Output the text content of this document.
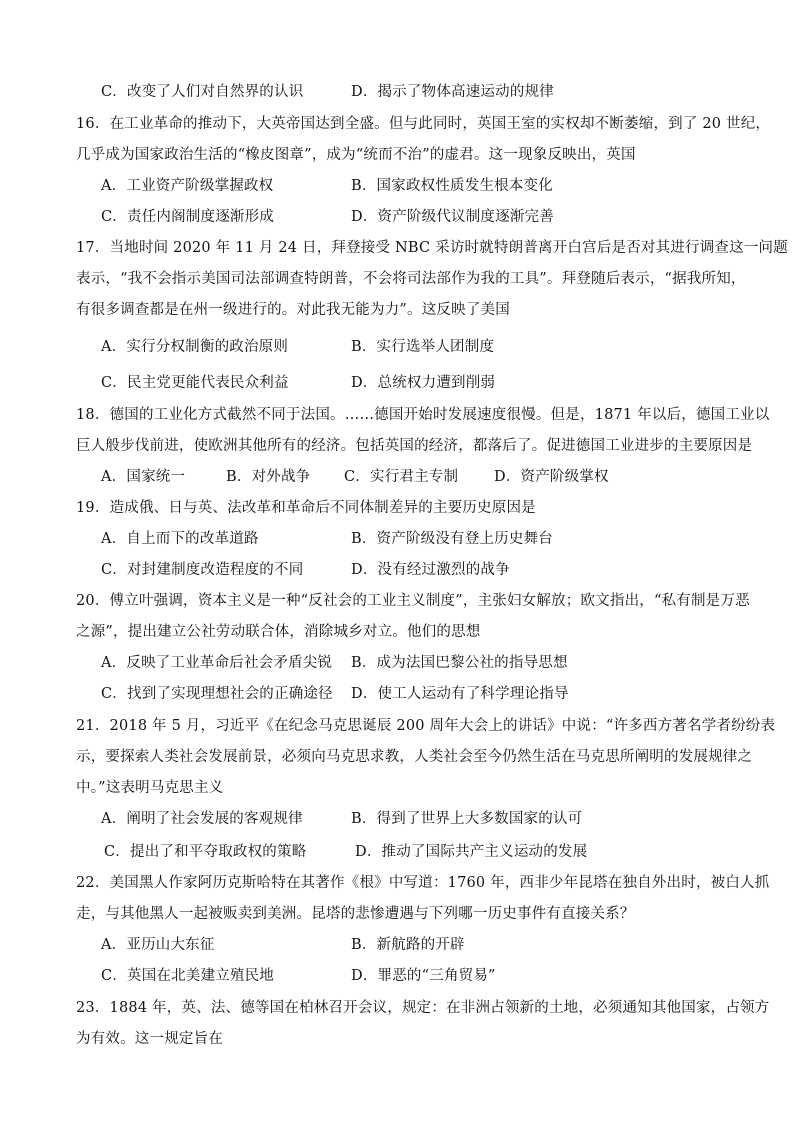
C．改变了人们对自然界的认识	D．揭示了物体高速运动的规律
16．在工业革命的推动下，大英帝国达到全盛。但与此同时，英国王室的实权却不断萎缩，到了 20 世纪，
几乎成为国家政治生活的“橡皮图章”，成为“统而不治”的虚君。这一现象反映出，英国
A．工业资产阶级掌握政权	B．国家政权性质发生根本变化
C．责任内阁制度逐渐形成	D．资产阶级代议制度逐渐完善
17．当地时间 2020 年 11 月 24 日，拜登接受 NBC 采访时就特朗普离开白宫后是否对其进行调查这一问题
表示，“我不会指示美国司法部调查特朗普，不会将司法部作为我的工具”。拜登随后表示，“据我所知，
有很多调查都是在州一级进行的。对此我无能为力”。这反映了美国
A．实行分权制衡的政治原则	B．实行选举人团制度
C．民主党更能代表民众利益	D．总统权力遭到削弱
18．德国的工业化方式截然不同于法国。……德国开始时发展速度很慢。但是，1871 年以后，德国工业以
巨人般步伐前进，使欧洲其他所有的经济。包括英国的经济，都落后了。促进德国工业进步的主要原因是
A．国家统一	B．对外战争 C．实行君主专制 D．资产阶级掌权
19．造成俄、日与英、法改革和革命后不同体制差异的主要历史原因是
A．自上而下的改革道路	B．资产阶级没有登上历史舞台
C．对封建制度改造程度的不同	D．没有经过激烈的战争
20．傅立叶强调，资本主义是一种“反社会的工业主义制度”，主张妇女解放；欧文指出，“私有制是万恶
之源”，提出建立公社劳动联合体，消除城乡对立。他们的思想
A．反映了工业革命后社会矛盾尖锐 B．成为法国巴黎公社的指导思想
C．找到了实现理想社会的正确途径 D．使工人运动有了科学理论指导
21．2018 年 5 月，习近平《在纪念马克思诞辰 200 周年大会上的讲话》中说：“许多西方著名学者纷纷表
示，要探索人类社会发展前景，必须向马克思求教，人类社会至今仍然生活在马克思所阐明的发展规律之
中。”这表明马克思主义
A．阐明了社会发展的客观规律	B．得到了世界上大多数国家的认可
C．提出了和平夺取政权的策略	D．推动了国际共产主义运动的发展
22．美国黑人作家阿历克斯哈特在其著作《根》中写道：1760 年，西非少年昆塔在独自外出时，被白人抓
走，与其他黑人一起被贩卖到美洲。昆塔的悲惨遭遇与下列哪一历史事件有直接关系？
A．亚历山大东征	B．新航路的开辟
C．英国在北美建立殖民地	D．罪恶的“三角贸易”
23．1884 年，英、法、德等国在柏林召开会议，规定：在非洲占领新的土地，必须通知其他国家，占领方
为有效。这一规定旨在
